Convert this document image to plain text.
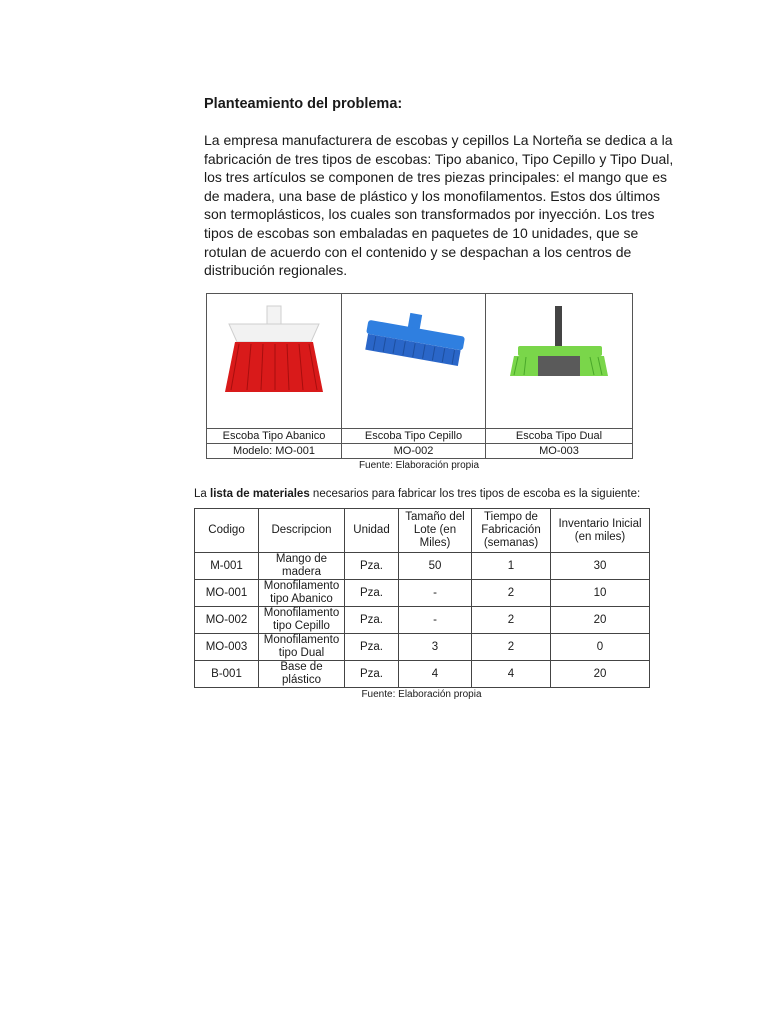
Planteamiento del problema:

La empresa manufacturera de escobas y cepillos La Norteña se dedica a la fabricación de tres tipos de escobas: Tipo abanico, Tipo Cepillo y Tipo Dual, los tres artículos se componen de tres piezas principales: el mango que es de madera, una base de plástico y los monofilamentos. Estos dos últimos son termoplásticos, los cuales son transformados por inyección. Los tres tipos de escobas son embaladas en paquetes de 10 unidades, que se rotulan de acuerdo con el contenido y se despachan a los centros de distribución regionales.

Escoba Tipo Abanico	Escoba Tipo Cepillo	Escoba Tipo Dual
Modelo: MO-001	MO-002	MO-003

Fuente: Elaboración propia

La lista de materiales necesarios para fabricar los tres tipos de escoba es la siguiente:

Codigo	Descripcion	Unidad	Tamaño del Lote (en Miles)	Tiempo de Fabricación (semanas)	Inventario Inicial (en miles)
M-001	Mango de madera	Pza.	50	1	30
MO-001	Monofilamento tipo Abanico	Pza.	-	2	10
MO-002	Monofilamento tipo Cepillo	Pza.	-	2	20
MO-003	Monofilamento tipo Dual	Pza.	3	2	0
B-001	Base de plástico	Pza.	4	4	20

Fuente: Elaboración propia
